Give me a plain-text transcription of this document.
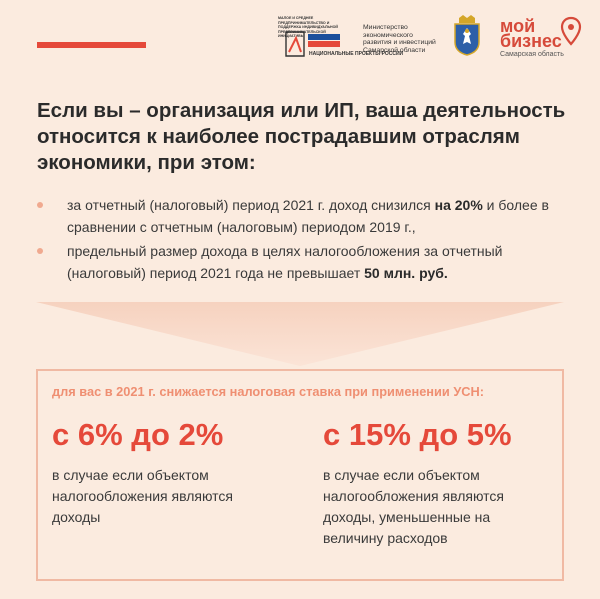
МАЛОЕ И СРЕДНЕЕ ПРЕДПРИНИМАТЕЛЬСТВО И ПОДДЕРЖКА ИНДИВИДУАЛЬНОЙ ПРЕДПРИНИМАТЕЛЬСКОЙ ИНИЦИАТИВЫ
НАЦИОНАЛЬНЫЕ ПРОЕКТЫ РОССИИ
Министерство
экономического
развития и инвестиций
Самарской области
мой
бизнес
Самарская область
Если вы – организация или ИП, ваша деятельность относится к наиболее пострадавшим отраслям экономики, при этом:
за отчетный (налоговый) период 2021 г. доход снизился на 20% и более в сравнении с отчетным (налоговым) периодом 2019 г.,
предельный размер дохода в целях налогообложения за отчетный (налоговый) период 2021 года не превышает 50 млн. руб.
для вас в 2021 г. снижается налоговая ставка при применении УСН:
с 6% до 2%
в случае если объектом налогообложения являются доходы
с 15% до 5%
в случае если объектом налогообложения являются доходы, уменьшенные на величину расходов
